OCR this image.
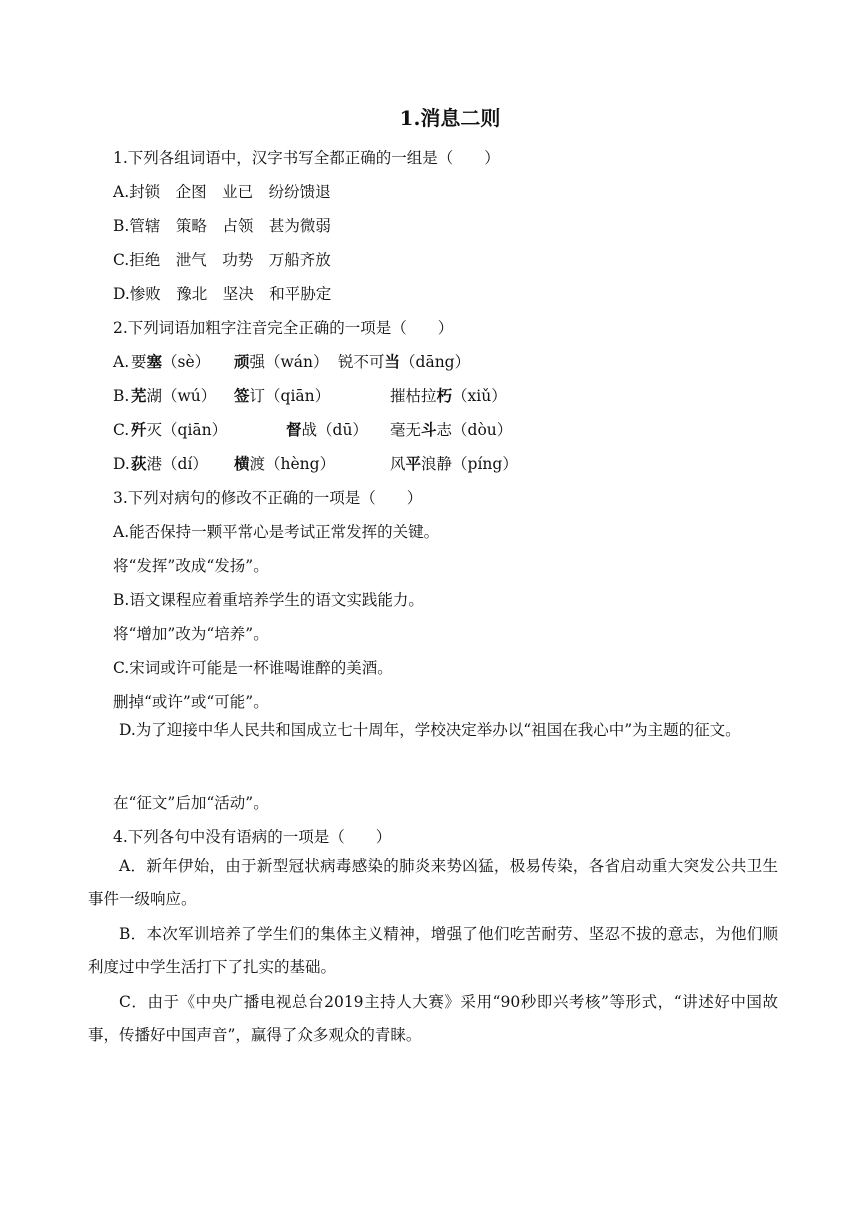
1.消息二则
1.下列各组词语中，汉字书写全都正确的一组是（　　）
A.封锁　企图　业已　纷纷馈退
B.管辖　策略　占领　甚为微弱
C.拒绝　泄气　功势　万船齐放
D.惨败　豫北　坚决　和平胁定
2.下列词语加粗字注音完全正确的一项是（　　）
A. 要塞（sè） 顽强（wán） 锐不可当（dāng）
B. 芜湖（wú） 签订（qiān）	摧枯拉朽（xiǔ）
C. 歼灭（qiān）	督战（dū） 毫无斗志（dòu）
D. 荻港（dí） 横渡（hèng）	风平浪静（píng）
3.下列对病句的修改不正确的一项是（　　）
A.能否保持一颗平常心是考试正常发挥的关键。
将“发挥”改成“发扬”。
B.语文课程应着重培养学生的语文实践能力。
将“增加”改为“培养”。
C.宋词或许可能是一杯谁喝谁醉的美酒。
删掉“或许”或“可能”。
D.为了迎接中华人民共和国成立七十周年，学校决定举办以“祖国在我心中”为主题的征文。
在“征文”后加“活动”。
4.下列各句中没有语病的一项是（　　）
A．新年伊始，由于新型冠状病毒感染的肺炎来势凶猛，极易传染，各省启动重大突发公共卫生事件一级响应。
B．本次军训培养了学生们的集体主义精神，增强了他们吃苦耐劳、坚忍不拔的意志，为他们顺利度过中学生活打下了扎实的基础。
C．由于《中央广播电视总台2019主持人大赛》采用“90秒即兴考核”等形式，“讲述好中国故事，传播好中国声音”，赢得了众多观众的青睐。
